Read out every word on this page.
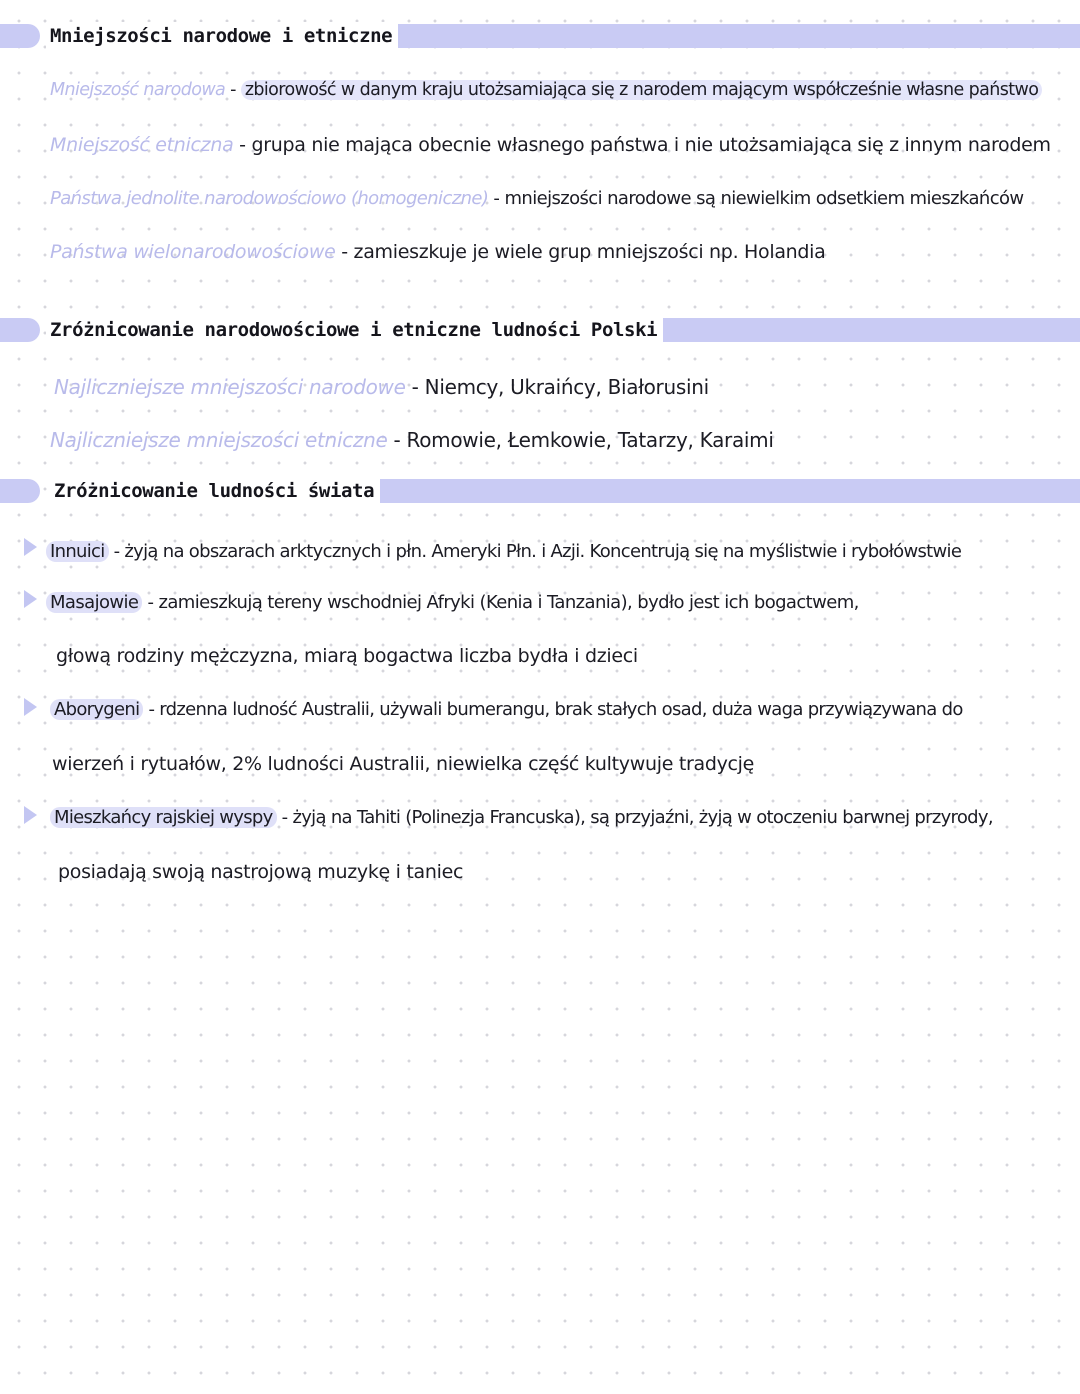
Mniejszości narodowe i etniczne
Mniejszość narodowa - zbiorowość w danym kraju utożsamiająca się z narodem mającym współcześnie własne państwo
Mniejszość etniczna - grupa nie mająca obecnie własnego państwa i nie utożsamiająca się z innym narodem
Państwa jednolite narodowościowo (homogeniczne) - mniejszości narodowe są niewielkim odsetkiem mieszkańców
Państwa wielonarodowościowe - zamieszkuje je wiele grup mniejszości np. Holandia
Zróżnicowanie narodowościowe i etniczne ludności Polski
Najliczniejsze mniejszości narodowe - Niemcy, Ukraińcy, Białorusini
Najliczniejsze mniejszości etniczne - Romowie, Łemkowie, Tatarzy, Karaimi
Zróżnicowanie ludności świata
Innuici - żyją na obszarach arktycznych i płn. Ameryki Płn. i Azji. Koncentrują się na myślistwie i rybołówstwie
Masajowie - zamieszkują tereny wschodniej Afryki (Kenia i Tanzania), bydło jest ich bogactwem,
głową rodziny mężczyzna, miarą bogactwa liczba bydła i dzieci
Aborygeni - rdzenna ludność Australii, używali bumerangu, brak stałych osad, duża waga przywiązywana do
wierzeń i rytuałów, 2% ludności Australii, niewielka część kultywuje tradycję
Mieszkańcy rajskiej wyspy - żyją na Tahiti (Polinezja Francuska), są przyjaźni, żyją w otoczeniu barwnej przyrody,
posiadają swoją nastrojową muzykę i taniec
